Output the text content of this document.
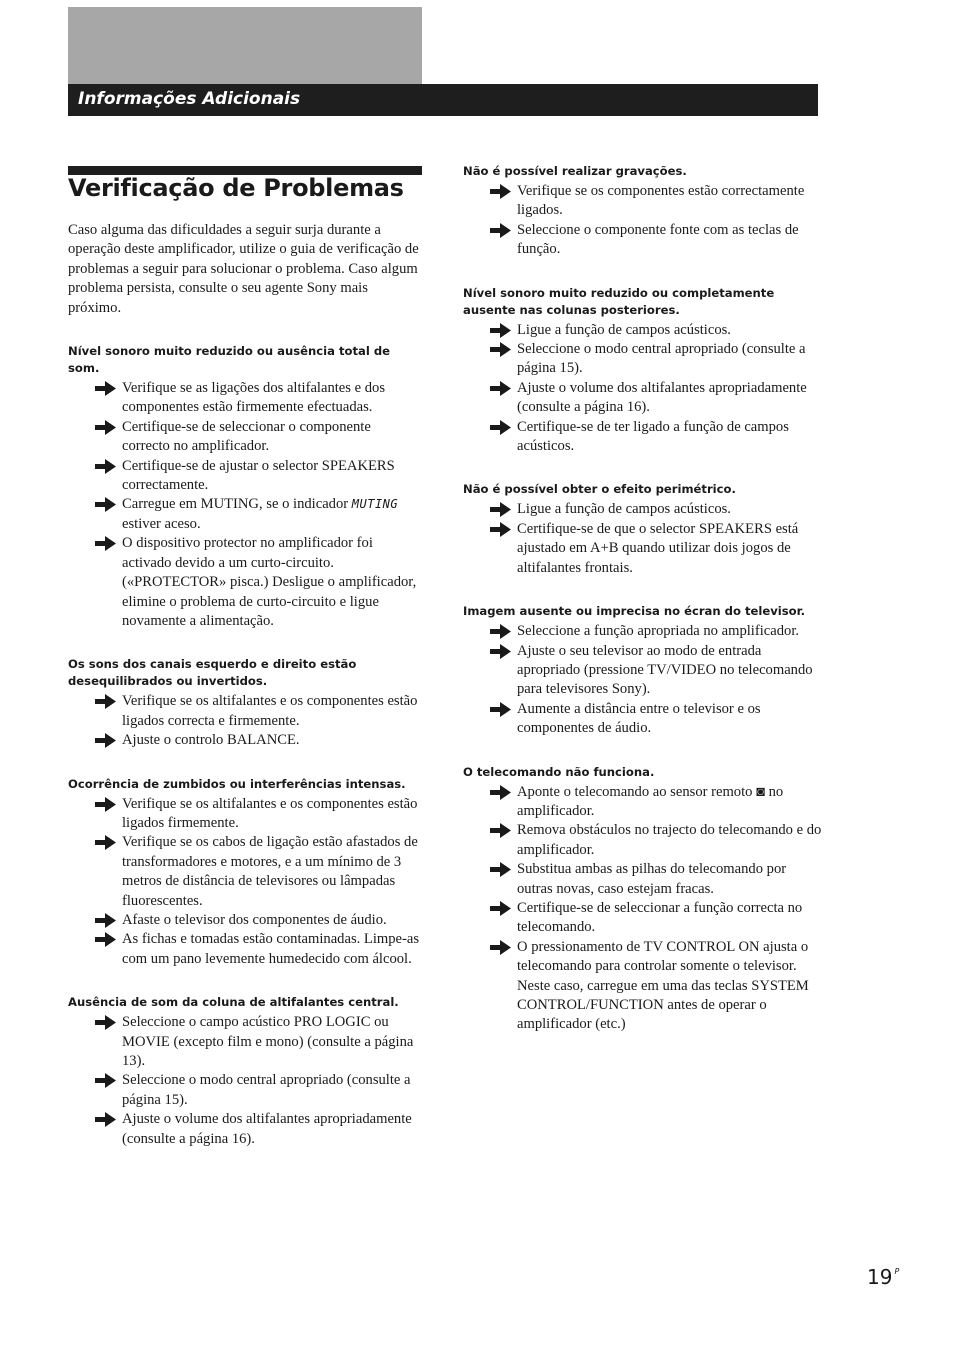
Informações Adicionais
Verificação de Problemas

Caso alguma das dificuldades a seguir surja durante a operação deste amplificador, utilize o guia de verificação de problemas a seguir para solucionar o problema. Caso algum problema persista, consulte o seu agente Sony mais próximo.

Nível sonoro muito reduzido ou ausência total de som.
Verifique se as ligações dos altifalantes e dos componentes estão firmemente efectuadas.
Certifique-se de seleccionar o componente correcto no amplificador.
Certifique-se de ajustar o selector SPEAKERS correctamente.
Carregue em MUTING, se o indicador MUTING estiver aceso.
O dispositivo protector no amplificador foi activado devido a um curto-circuito. («PROTECTOR» pisca.) Desligue o amplificador, elimine o problema de curto-circuito e ligue novamente a alimentação.
Os sons dos canais esquerdo e direito estão desequilibrados ou invertidos.
Verifique se os altifalantes e os componentes estão ligados correcta e firmemente.
Ajuste o controlo BALANCE.
Ocorrência de zumbidos ou interferências intensas.
Verifique se os altifalantes e os componentes estão ligados firmemente.
Verifique se os cabos de ligação estão afastados de transformadores e motores, e a um mínimo de 3 metros de distância de televisores ou lâmpadas fluorescentes.
Afaste o televisor dos componentes de áudio.
As fichas e tomadas estão contaminadas. Limpe-as com um pano levemente humedecido com álcool.
Ausência de som da coluna de altifalantes central.
Seleccione o campo acústico PRO LOGIC ou MOVIE (excepto film e mono) (consulte a página 13).
Seleccione o modo central apropriado (consulte a página 15).
Ajuste o volume dos altifalantes apropriadamente (consulte a página 16).
Não é possível realizar gravações.
Verifique se os componentes estão correctamente ligados.
Seleccione o componente fonte com as teclas de função.
Nível sonoro muito reduzido ou completamente ausente nas colunas posteriores.
Ligue a função de campos acústicos.
Seleccione o modo central apropriado (consulte a página 15).
Ajuste o volume dos altifalantes apropriadamente (consulte a página 16).
Certifique-se de ter ligado a função de campos acústicos.
Não é possível obter o efeito perimétrico.
Ligue a função de campos acústicos.
Certifique-se de que o selector SPEAKERS está ajustado em A+B quando utilizar dois jogos de altifalantes frontais.
Imagem ausente ou imprecisa no écran do televisor.
Seleccione a função apropriada no amplificador.
Ajuste o seu televisor ao modo de entrada apropriado (pressione TV/VIDEO no telecomando para televisores Sony).
Aumente a distância entre o televisor e os componentes de áudio.
O telecomando não funciona.
Aponte o telecomando ao sensor remoto ◙ no amplificador.
Remova obstáculos no trajecto do telecomando e do amplificador.
Substitua ambas as pilhas do telecomando por outras novas, caso estejam fracas.
Certifique-se de seleccionar a função correcta no telecomando.
O pressionamento de TV CONTROL ON ajusta o telecomando para controlar somente o televisor. Neste caso, carregue em uma das teclas SYSTEM CONTROL/FUNCTION antes de operar o amplificador (etc.)
19 $^P$
